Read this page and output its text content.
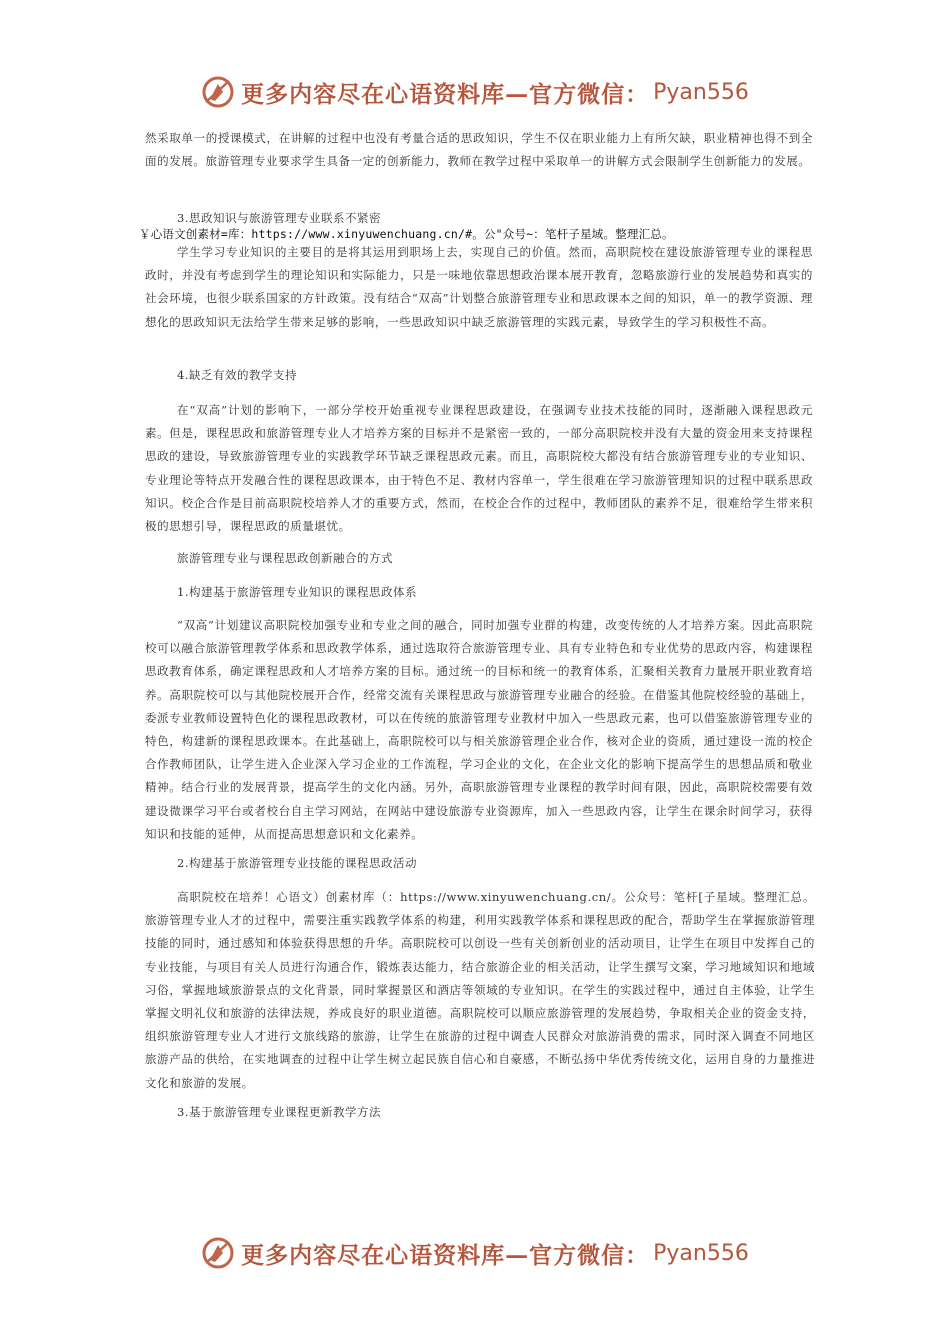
更多内容尽在心语资料库—官方微信： Pyan556

然采取单一的授课模式，在讲解的过程中也没有考量合适的思政知识，学生不仅在职业能力上有所欠缺，职业精神也得不到全面的发展。旅游管理专业要求学生具备一定的创新能力，教师在教学过程中采取单一的讲解方式会限制学生创新能力的发展。

3.思政知识与旅游管理专业联系不紧密

￥心语文创素材=库：https://www.xinyuwenchuang.cn/#。公"众号~：笔杆子星域。整理汇总。

学生学习专业知识的主要目的是将其运用到职场上去，实现自己的价值。然而，高职院校在建设旅游管理专业的课程思政时，并没有考虑到学生的理论知识和实际能力，只是一味地依靠思想政治课本展开教育，忽略旅游行业的发展趋势和真实的社会环境，也很少联系国家的方针政策。没有结合“双高”计划整合旅游管理专业和思政课本之间的知识，单一的教学资源、理想化的思政知识无法给学生带来足够的影响，一些思政知识中缺乏旅游管理的实践元素，导致学生的学习积极性不高。

4.缺乏有效的教学支持

在“双高”计划的影响下，一部分学校开始重视专业课程思政建设，在强调专业技术技能的同时，逐渐融入课程思政元素。但是，课程思政和旅游管理专业人才培养方案的目标并不是紧密一致的，一部分高职院校并没有大量的资金用来支持课程思政的建设，导致旅游管理专业的实践教学环节缺乏课程思政元素。而且，高职院校大都没有结合旅游管理专业的专业知识、专业理论等特点开发融合性的课程思政课本，由于特色不足、教材内容单一，学生很难在学习旅游管理知识的过程中联系思政知识。校企合作是目前高职院校培养人才的重要方式，然而，在校企合作的过程中，教师团队的素养不足，很难给学生带来积极的思想引导，课程思政的质量堪忧。

旅游管理专业与课程思政创新融合的方式

1.构建基于旅游管理专业知识的课程思政体系

“双高”计划建议高职院校加强专业和专业之间的融合，同时加强专业群的构建，改变传统的人才培养方案。因此高职院校可以融合旅游管理教学体系和思政教学体系，通过选取符合旅游管理专业、具有专业特色和专业优势的思政内容，构建课程思政教育体系，确定课程思政和人才培养方案的目标。通过统一的目标和统一的教育体系，汇聚相关教育力量展开职业教育培养。高职院校可以与其他院校展开合作，经常交流有关课程思政与旅游管理专业融合的经验。在借鉴其他院校经验的基础上，委派专业教师设置特色化的课程思政教材，可以在传统的旅游管理专业教材中加入一些思政元素，也可以借鉴旅游管理专业的特色，构建新的课程思政课本。在此基础上，高职院校可以与相关旅游管理企业合作，核对企业的资质，通过建设一流的校企合作教师团队，让学生进入企业深入学习企业的工作流程，学习企业的文化，在企业文化的影响下提高学生的思想品质和敬业精神。结合行业的发展背景，提高学生的文化内涵。另外，高职旅游管理专业课程的教学时间有限，因此，高职院校需要有效建设微课学习平台或者校台自主学习网站，在网站中建设旅游专业资源库，加入一些思政内容，让学生在课余时间学习，获得知识和技能的延伸，从而提高思想意识和文化素养。

2.构建基于旅游管理专业技能的课程思政活动

高职院校在培养！心语文）创素材库（：https://www.xinyuwenchuang.cn/。公众号：笔杆[子星域。整理汇总。旅游管理专业人才的过程中，需要注重实践教学体系的构建，利用实践教学体系和课程思政的配合，帮助学生在掌握旅游管理技能的同时，通过感知和体验获得思想的升华。高职院校可以创设一些有关创新创业的活动项目，让学生在项目中发挥自己的专业技能，与项目有关人员进行沟通合作，锻炼表达能力，结合旅游企业的相关活动，让学生撰写文案，学习地域知识和地域习俗，掌握地域旅游景点的文化背景，同时掌握景区和酒店等领域的专业知识。在学生的实践过程中，通过自主体验，让学生掌握文明礼仪和旅游的法律法规，养成良好的职业道德。高职院校可以顺应旅游管理的发展趋势，争取相关企业的资金支持，组织旅游管理专业人才进行文旅线路的旅游，让学生在旅游的过程中调查人民群众对旅游消费的需求，同时深入调查不同地区旅游产品的供给，在实地调查的过程中让学生树立起民族自信心和自豪感，不断弘扬中华优秀传统文化，运用自身的力量推进文化和旅游的发展。

3.基于旅游管理专业课程更新教学方法

更多内容尽在心语资料库—官方微信： Pyan556
